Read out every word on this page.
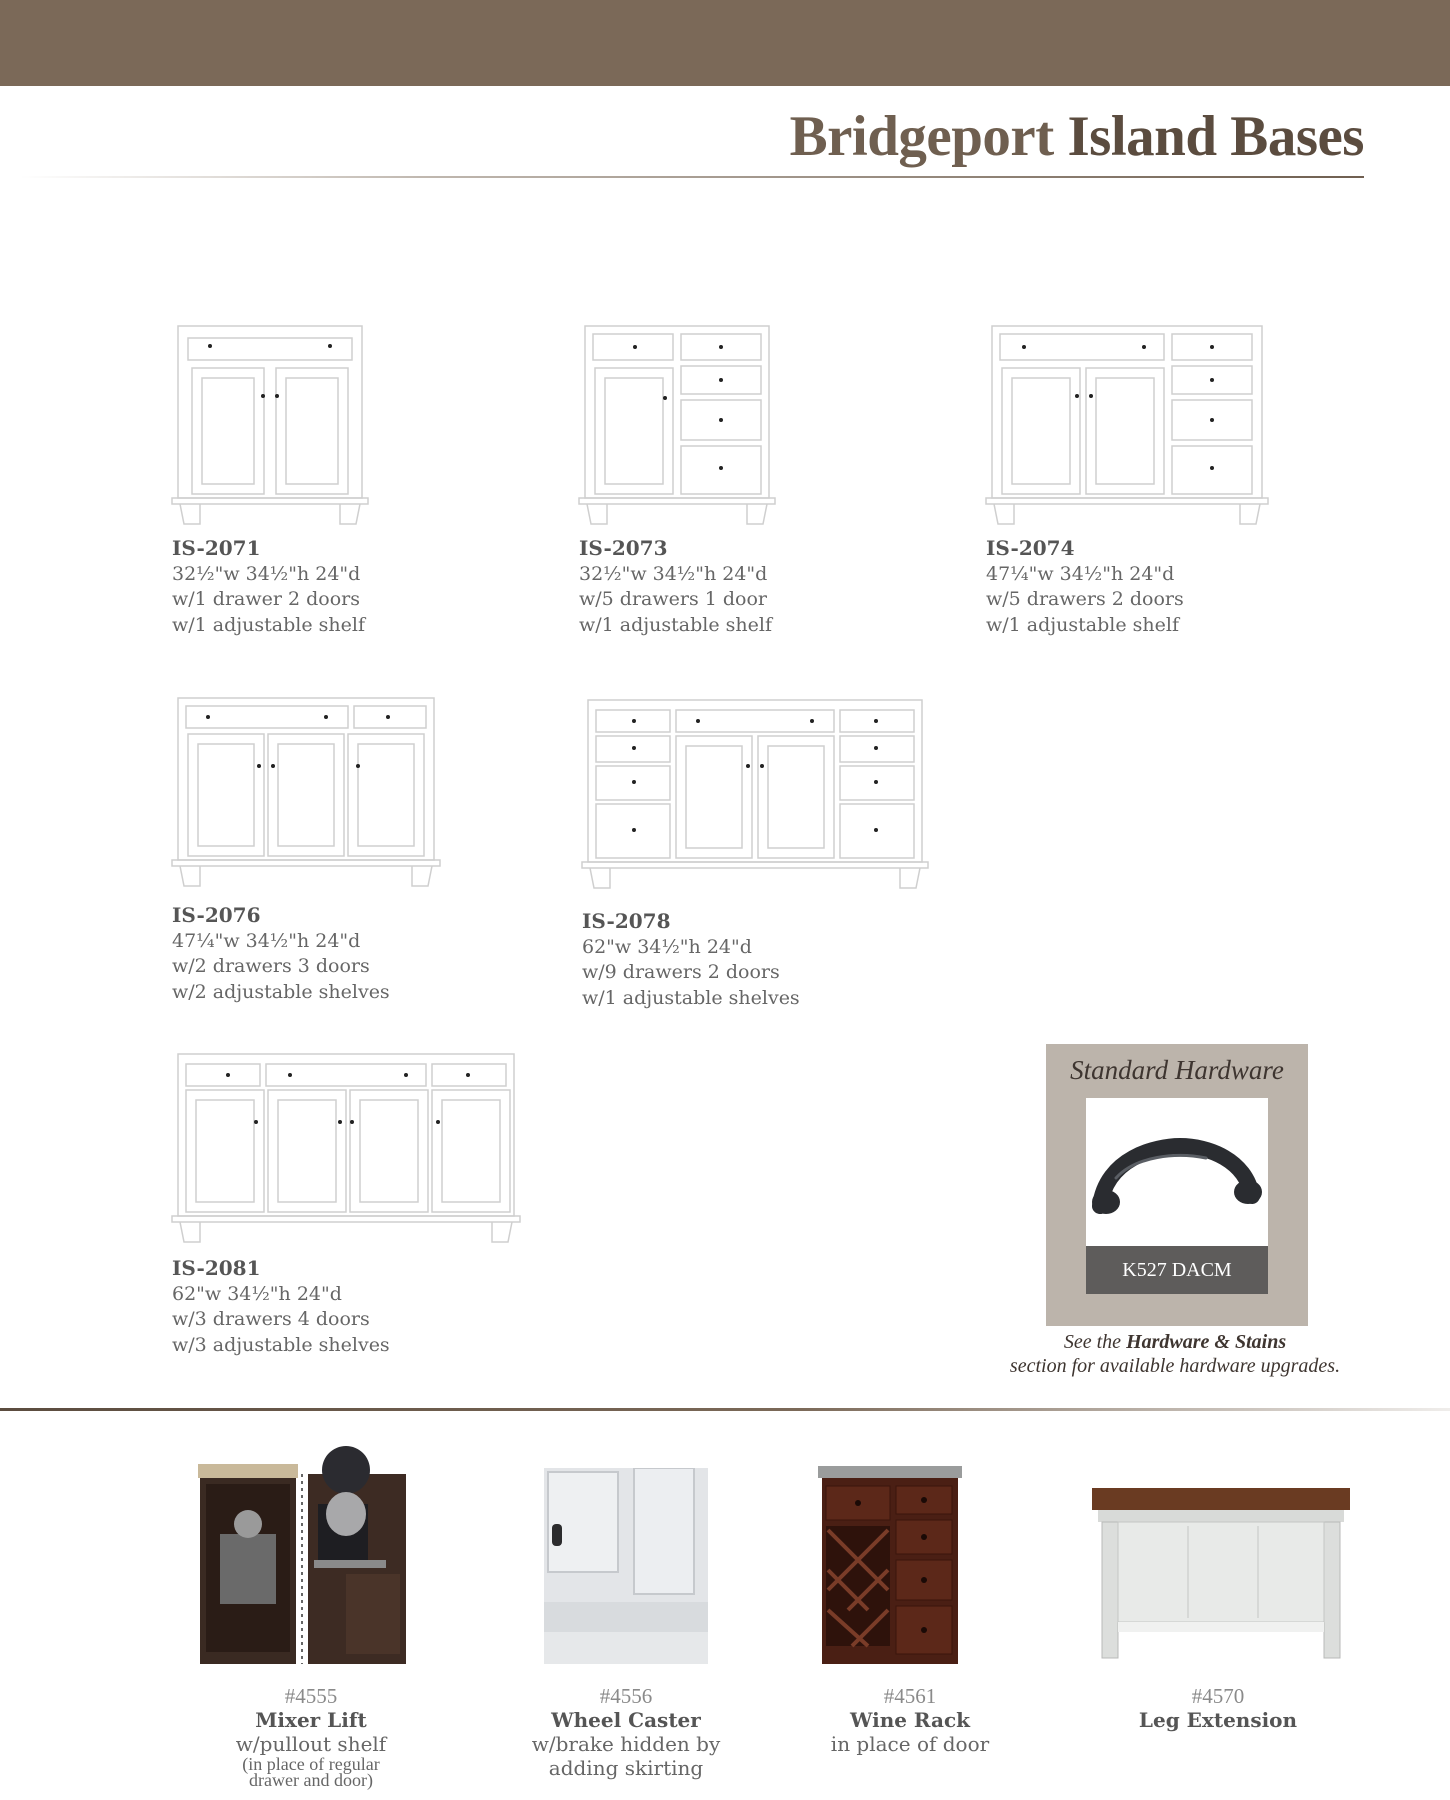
Bridgeport Island Bases
IS-2071
32½"w 34½"h 24"d
w/1 drawer 2 doors
w/1 adjustable shelf
IS-2073
32½"w 34½"h 24"d
w/5 drawers 1 door
w/1 adjustable shelf
IS-2074
47¼"w 34½"h 24"d
w/5 drawers 2 doors
w/1 adjustable shelf
IS-2076
47¼"w 34½"h 24"d
w/2 drawers 3 doors
w/2 adjustable shelves
IS-2078
62"w 34½"h 24"d
w/9 drawers 2 doors
w/1 adjustable shelves
IS-2081
62"w 34½"h 24"d
w/3 drawers 4 doors
w/3 adjustable shelves
Standard Hardware
K527 DACM
See the Hardware & Stains
section for available hardware upgrades.
#4555
Mixer Lift
w/pullout shelf
(in place of regular
drawer and door)
#4556
Wheel Caster
w/brake hidden by
adding skirting
#4561
Wine Rack
in place of door
#4570
Leg Extension
